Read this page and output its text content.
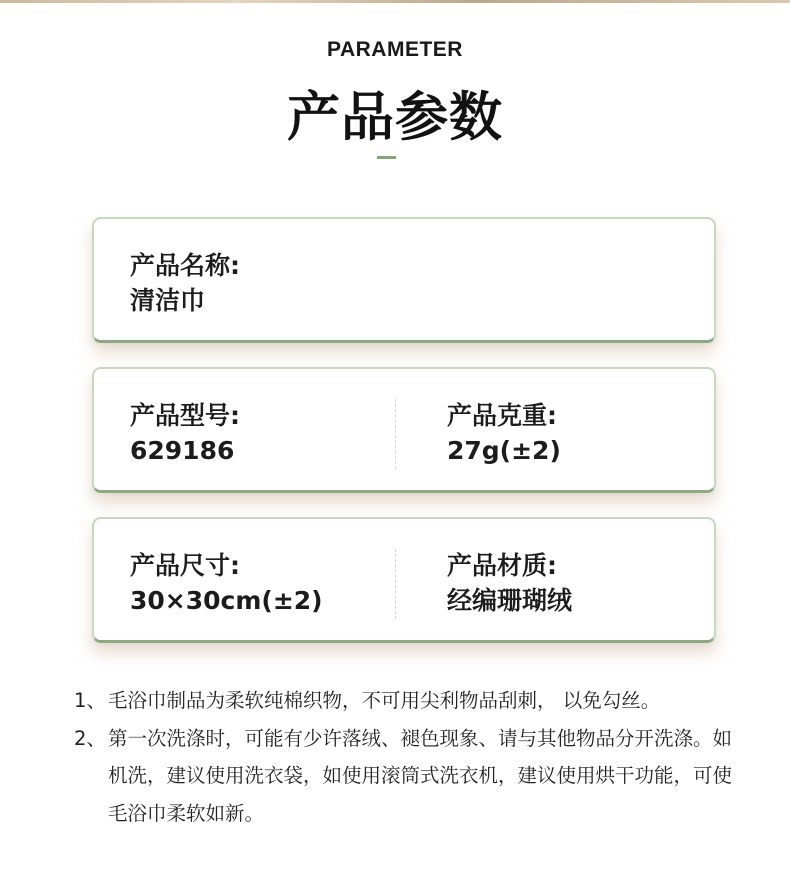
PARAMETER
产品参数
产品名称:
清洁巾
产品型号:
629186
产品克重:
27g(±2)
产品尺寸:
30×30cm(±2)
产品材质:
经编珊瑚绒
1、 毛浴巾制品为柔软纯棉织物，不可用尖利物品刮刺， 以免勾丝。
2、 第一次洗涤时，可能有少许落绒、褪色现象、请与其他物品分开洗涤。如机洗，建议使用洗衣袋，如使用滚筒式洗衣机，建议使用烘干功能，可使毛浴巾柔软如新。
